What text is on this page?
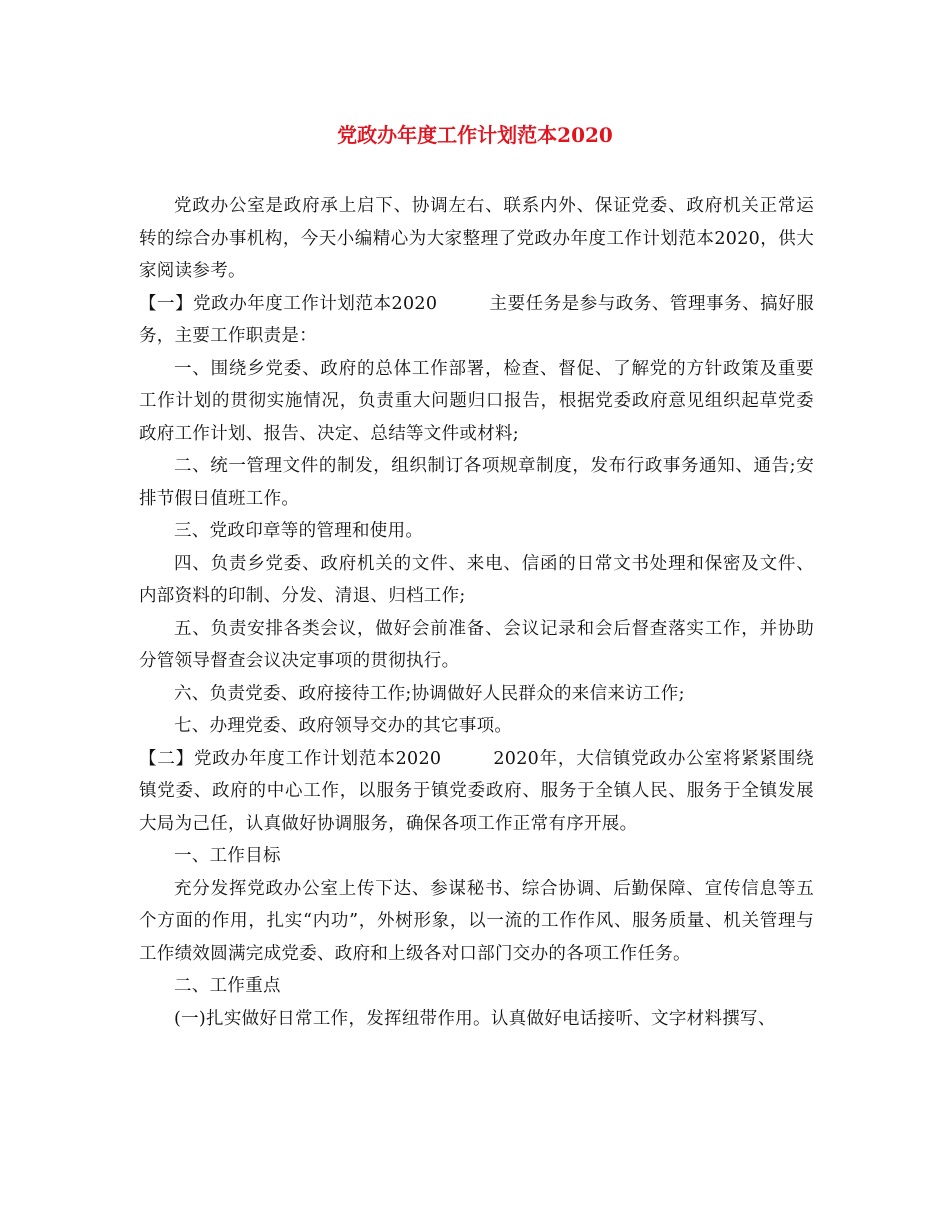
党政办年度工作计划范本2020

党政办公室是政府承上启下、协调左右、联系内外、保证党委、政府机关正常运转的综合办事机构，今天小编精心为大家整理了党政办年度工作计划范本2020，供大家阅读参考。

【一】党政办年度工作计划范本2020	主要任务是参与政务、管理事务、搞好服务，主要工作职责是：

一、围绕乡党委、政府的总体工作部署，检查、督促、了解党的方针政策及重要工作计划的贯彻实施情况，负责重大问题归口报告，根据党委政府意见组织起草党委政府工作计划、报告、决定、总结等文件或材料;

二、统一管理文件的制发，组织制订各项规章制度，发布行政事务通知、通告;安排节假日值班工作。

三、党政印章等的管理和使用。

四、负责乡党委、政府机关的文件、来电、信函的日常文书处理和保密及文件、内部资料的印制、分发、清退、归档工作;

五、负责安排各类会议，做好会前准备、会议记录和会后督查落实工作，并协助分管领导督查会议决定事项的贯彻执行。

六、负责党委、政府接待工作;协调做好人民群众的来信来访工作;

七、办理党委、政府领导交办的其它事项。

【二】党政办年度工作计划范本2020	2020年，大信镇党政办公室将紧紧围绕镇党委、政府的中心工作，以服务于镇党委政府、服务于全镇人民、服务于全镇发展大局为己任，认真做好协调服务，确保各项工作正常有序开展。

一、工作目标

充分发挥党政办公室上传下达、参谋秘书、综合协调、后勤保障、宣传信息等五个方面的作用，扎实“内功”，外树形象，以一流的工作作风、服务质量、机关管理与工作绩效圆满完成党委、政府和上级各对口部门交办的各项工作任务。

二、工作重点

(一)扎实做好日常工作，发挥纽带作用。认真做好电话接听、文字材料撰写、
